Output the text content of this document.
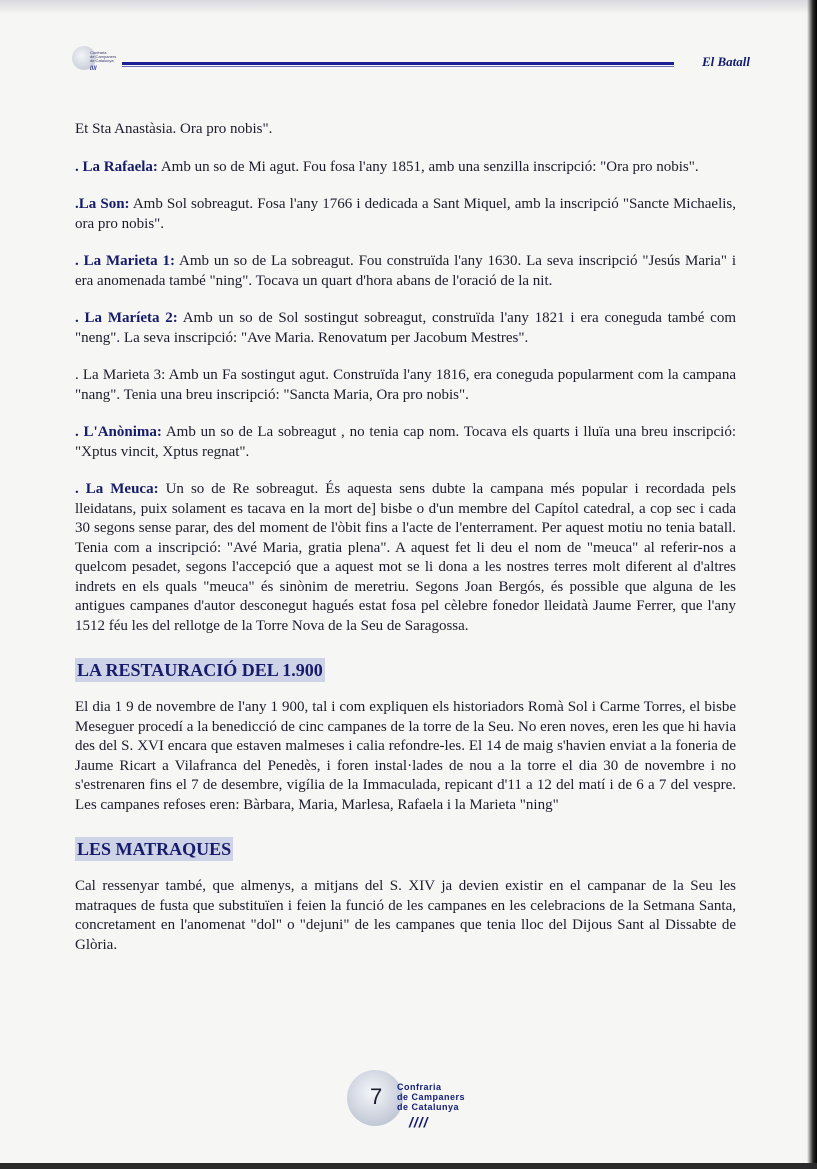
Confraria
de Campaners
de Catalunya
////	El Batall

Et Sta Anastàsia. Ora pro nobis".

. La Rafaela: Amb un so de Mi agut. Fou fosa l'any 1851, amb una senzilla inscripció: "Ora pro nobis".

.La Son: Amb Sol sobreagut. Fosa l'any 1766 i dedicada a Sant Miquel, amb la inscripció "Sancte Michaelis, ora pro nobis".

. La Marieta 1: Amb un so de La sobreagut. Fou construïda l'any 1630. La seva inscripció "Jesús Maria" i era anomenada també "ning". Tocava un quart d'hora abans de l'oració de la nit.

. La Maríeta 2: Amb un so de Sol sostingut sobreagut, construïda l'any 1821 i era coneguda també com "neng". La seva inscripció: "Ave Maria. Renovatum per Jacobum Mestres".

. La Marieta 3: Amb un Fa sostingut agut. Construïda l'any 1816, era coneguda popularment com la campana "nang". Tenia una breu inscripció: "Sancta Maria, Ora pro nobis".

. L'Anònima: Amb un so de La sobreagut , no tenia cap nom. Tocava els quarts i lluïa una breu inscripció: "Xptus vincit, Xptus regnat".

. La Meuca: Un so de Re sobreagut. És aquesta sens dubte la campana més popular i recordada pels lleidatans, puix solament es tacava en la mort de] bisbe o d'un membre del Capítol catedral, a cop sec i cada 30 segons sense parar, des del moment de l'òbit fins a l'acte de l'enterrament. Per aquest motiu no tenia batall. Tenia com a inscripció: "Avé Maria, gratia plena". A aquest fet li deu el nom de "meuca" al referir-nos a quelcom pesadet, segons l'accepció que a aquest mot se li dona a les nostres terres molt diferent al d'altres indrets en els quals "meuca" és sinònim de meretriu. Segons Joan Bergós, és possible que alguna de les antigues campanes d'autor desconegut hagués estat fosa pel cèlebre fonedor lleidatà Jaume Ferrer, que l'any 1512 féu les del rellotge de la Torre Nova de la Seu de Saragossa.

LA RESTAURACIÓ DEL 1.900

El dia 1 9 de novembre de l'any 1 900, tal i com expliquen els historiadors Romà Sol i Carme Torres, el bisbe Meseguer procedí a la benedicció de cinc campanes de la torre de la Seu. No eren noves, eren les que hi havia des del S. XVI encara que estaven malmeses i calia refondre-les. El 14 de maig s'havien enviat a la foneria de Jaume Ricart a Vilafranca del Penedès, i foren instal·lades de nou a la torre el dia 30 de novembre i no s'estrenaren fins el 7 de desembre, vigília de la Immaculada, repicant d'11 a 12 del matí i de 6 a 7 del vespre. Les campanes refoses eren: Bàrbara, Maria, Marlesa, Rafaela i la Marieta "ning"

LES MATRAQUES

Cal ressenyar també, que almenys, a mitjans del S. XIV ja devien existir en el campanar de la Seu les matraques de fusta que substituïen i feien la funció de les campanes en les celebracions de la Setmana Santa, concretament en l'anomenat "dol" o "dejuni" de les campanes que tenia lloc del Dijous Sant al Dissabte de Glòria.

7 Confraria
de Campaners
de Catalunya
////
